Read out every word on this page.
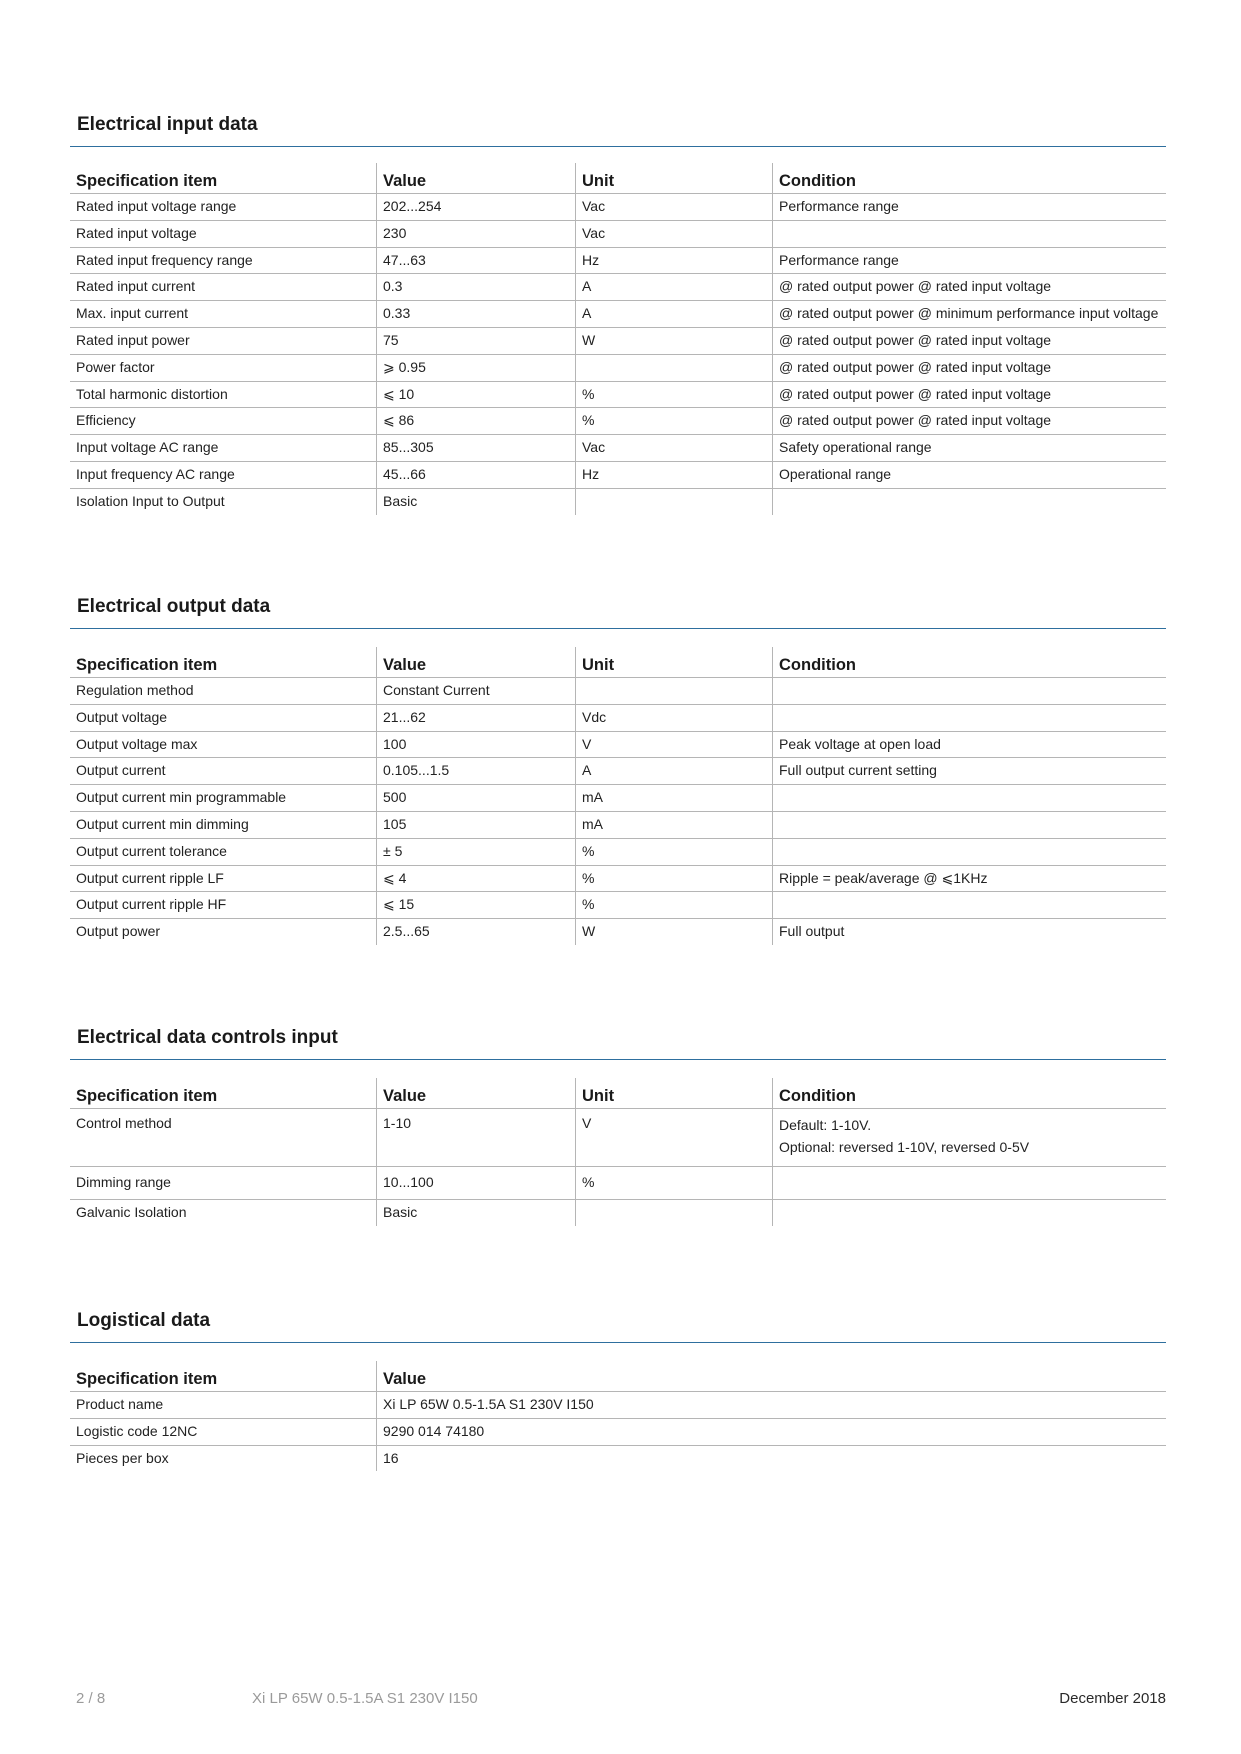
Electrical input data
Specification item	Value	Unit	Condition
Rated input voltage range	202...254	Vac	Performance range
Rated input voltage	230	Vac	
Rated input frequency range	47...63	Hz	Performance range
Rated input current	0.3	A	@ rated output power @ rated input voltage
Max. input current	0.33	A	@ rated output power @ minimum performance input voltage
Rated input power	75	W	@ rated output power @ rated input voltage
Power factor	⩾ 0.95		@ rated output power @ rated input voltage
Total harmonic distortion	⩽ 10	%	@ rated output power @ rated input voltage
Efficiency	⩽ 86	%	@ rated output power @ rated input voltage
Input voltage AC range	85...305	Vac	Safety operational range
Input frequency AC range	45...66	Hz	Operational range
Isolation Input to Output	Basic		
Electrical output data
Specification item	Value	Unit	Condition
Regulation method	Constant Current		
Output voltage	21...62	Vdc	
Output voltage max	100	V	Peak voltage at open load
Output current	0.105...1.5	A	Full output current setting
Output current min programmable	500	mA	
Output current min dimming	105	mA	
Output current tolerance	± 5	%	
Output current ripple LF	⩽ 4	%	Ripple = peak/average @ ⩽1KHz
Output current ripple HF	⩽ 15	%	
Output power	2.5...65	W	Full output
Electrical data controls input
Specification item	Value	Unit	Condition
Control method	1-10	V	Default: 1-10V.
Optional: reversed 1-10V, reversed 0-5V

Dimming range	10...100	%	
Galvanic Isolation	Basic		
Logistical data
Specification item	Value
Product name	Xi LP 65W 0.5-1.5A S1 230V I150
Logistic code 12NC	9290 014 74180
Pieces per box	16
2 / 8	Xi LP 65W 0.5-1.5A S1 230V I150	December 2018
